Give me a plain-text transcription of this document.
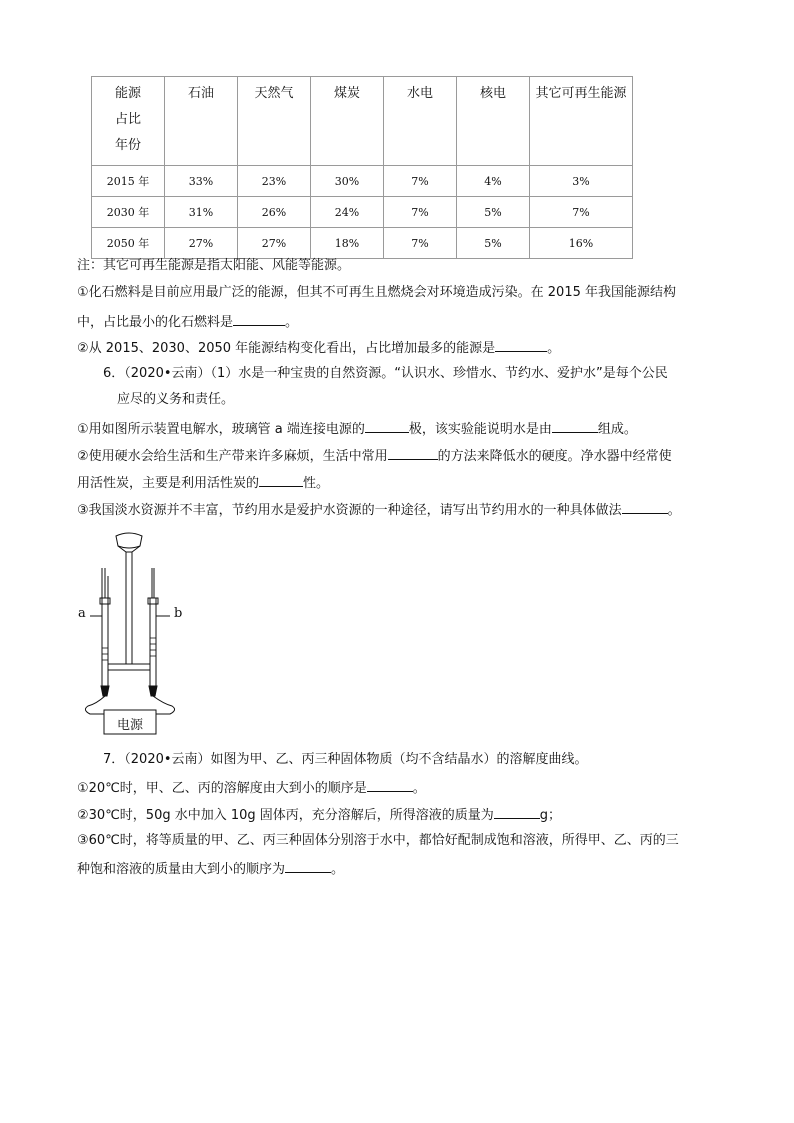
能源
占比
年份	石油	天然气	煤炭	水电	核电	其它可再生能源

2015 年	33%	23%	30%	7%	4%	3%
2030 年	31%	26%	24%	7%	5%	7%
2050 年	27%	27%	18%	7%	5%	16%
注：其它可再生能源是指太阳能、风能等能源。
①化石燃料是目前应用最广泛的能源，但其不可再生且燃烧会对环境造成污染。在 2015 年我国能源结构
中，占比最小的化石燃料是	。
②从 2015、2030、2050 年能源结构变化看出，占比增加最多的能源是	。
6．（2020•云南）（1）水是一种宝贵的自然资源。“认识水、珍惜水、节约水、爱护水”是每个公民
应尽的义务和责任。
①用如图所示装置电解水，玻璃管 a 端连接电源的	极，该实验能说明水是由	组成。
②使用硬水会给生活和生产带来许多麻烦，生活中常用	的方法来降低水的硬度。净水器中经常使
用活性炭，主要是利用活性炭的	性。
③我国淡水资源并不丰富，节约用水是爱护水资源的一种途径，请写出节约用水的一种具体做法	。
a	b
电源
7．（2020•云南）如图为甲、乙、丙三种固体物质（均不含结晶水）的溶解度曲线。
①20℃时，甲、乙、丙的溶解度由大到小的顺序是	。
②30℃时，50g 水中加入 10g 固体丙，充分溶解后，所得溶液的质量为	g；
③60℃时，将等质量的甲、乙、丙三种固体分别溶于水中，都恰好配制成饱和溶液，所得甲、乙、丙的三
种饱和溶液的质量由大到小的顺序为	。
